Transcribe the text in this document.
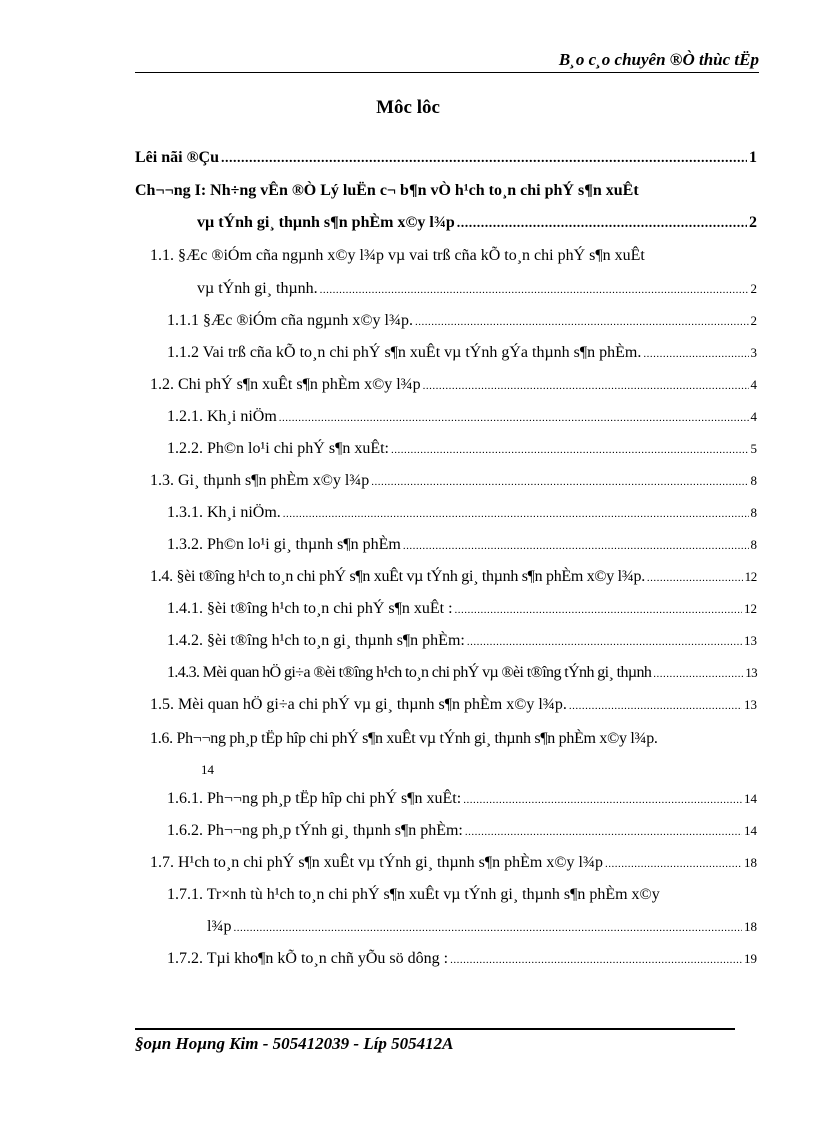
B¸o c¸o chuyên ®Ò thùc tËp
Môc lôc
Lêi nãi ®Çu .....	1
Ch¬¬ng I: Nh÷ng vÊn ®Ò Lý luËn c¬ b¶n vÒ h¹ch to¸n chi phÝ s¶n xuÊt
vµ tÝnh gi¸ thµnh s¶n phÈm x©y l¾p .....	2
1.1. §Æc ®iÓm cña ngµnh x©y l¾p vµ vai trß cña kÕ to¸n chi phÝ s¶n xuÊt
vµ tÝnh gi¸ thµnh. .....	2
1.1.1 §Æc ®iÓm cña ngµnh x©y l¾p. .....	2
1.1.2 Vai trß cña kÕ to¸n chi phÝ s¶n xuÊt vµ tÝnh gÝa thµnh s¶n phÈm. .....	3
1.2. Chi phÝ s¶n xuÊt s¶n phÈm x©y l¾p .....	4
1.2.1. Kh¸i niÖm .....	4
1.2.2. Ph©n lo¹i chi phÝ s¶n xuÊt: .....	5
1.3. Gi¸ thµnh s¶n phÈm x©y l¾p .....	8
1.3.1. Kh¸i niÖm. .....	8
1.3.2. Ph©n lo¹i gi¸ thµnh s¶n phÈm .....	8
1.4. §èi t®îng h¹ch to¸n chi phÝ s¶n xuÊt vµ tÝnh gi¸ thµnh s¶n phÈm x©y l¾p. .....	12
1.4.1. §èi t®îng h¹ch to¸n chi phÝ s¶n xuÊt : .....	12
1.4.2. §èi t®îng h¹ch to¸n gi¸ thµnh s¶n phÈm: .....	13
1.4.3. Mèi quan hÖ gi÷a ®èi t®îng h¹ch to¸n chi phÝ vµ ®èi t®îng tÝnh gi¸ thµnh .....	13
1.5. Mèi quan hÖ gi÷a chi phÝ vµ gi¸ thµnh s¶n phÈm x©y l¾p. .....	13
1.6. Ph¬¬ng ph¸p tËp hîp chi phÝ s¶n xuÊt vµ tÝnh gi¸ thµnh s¶n phÈm x©y l¾p.
14
1.6.1. Ph¬¬ng ph¸p tËp hîp chi phÝ s¶n xuÊt: .....	14
1.6.2. Ph¬¬ng ph¸p tÝnh gi¸ thµnh s¶n phÈm: .....	14
1.7. H¹ch to¸n chi phÝ s¶n xuÊt vµ tÝnh gi¸ thµnh s¶n phÈm x©y l¾p .....	18
1.7.1. Tr×nh tù h¹ch to¸n chi phÝ s¶n xuÊt vµ tÝnh gi¸ thµnh s¶n phÈm x©y
l¾p .....	18
1.7.2. Tµi kho¶n kÕ to¸n chñ yÕu sö dông : .....	19
§oµn Hoµng Kim - 505412039 - Líp 505412A
